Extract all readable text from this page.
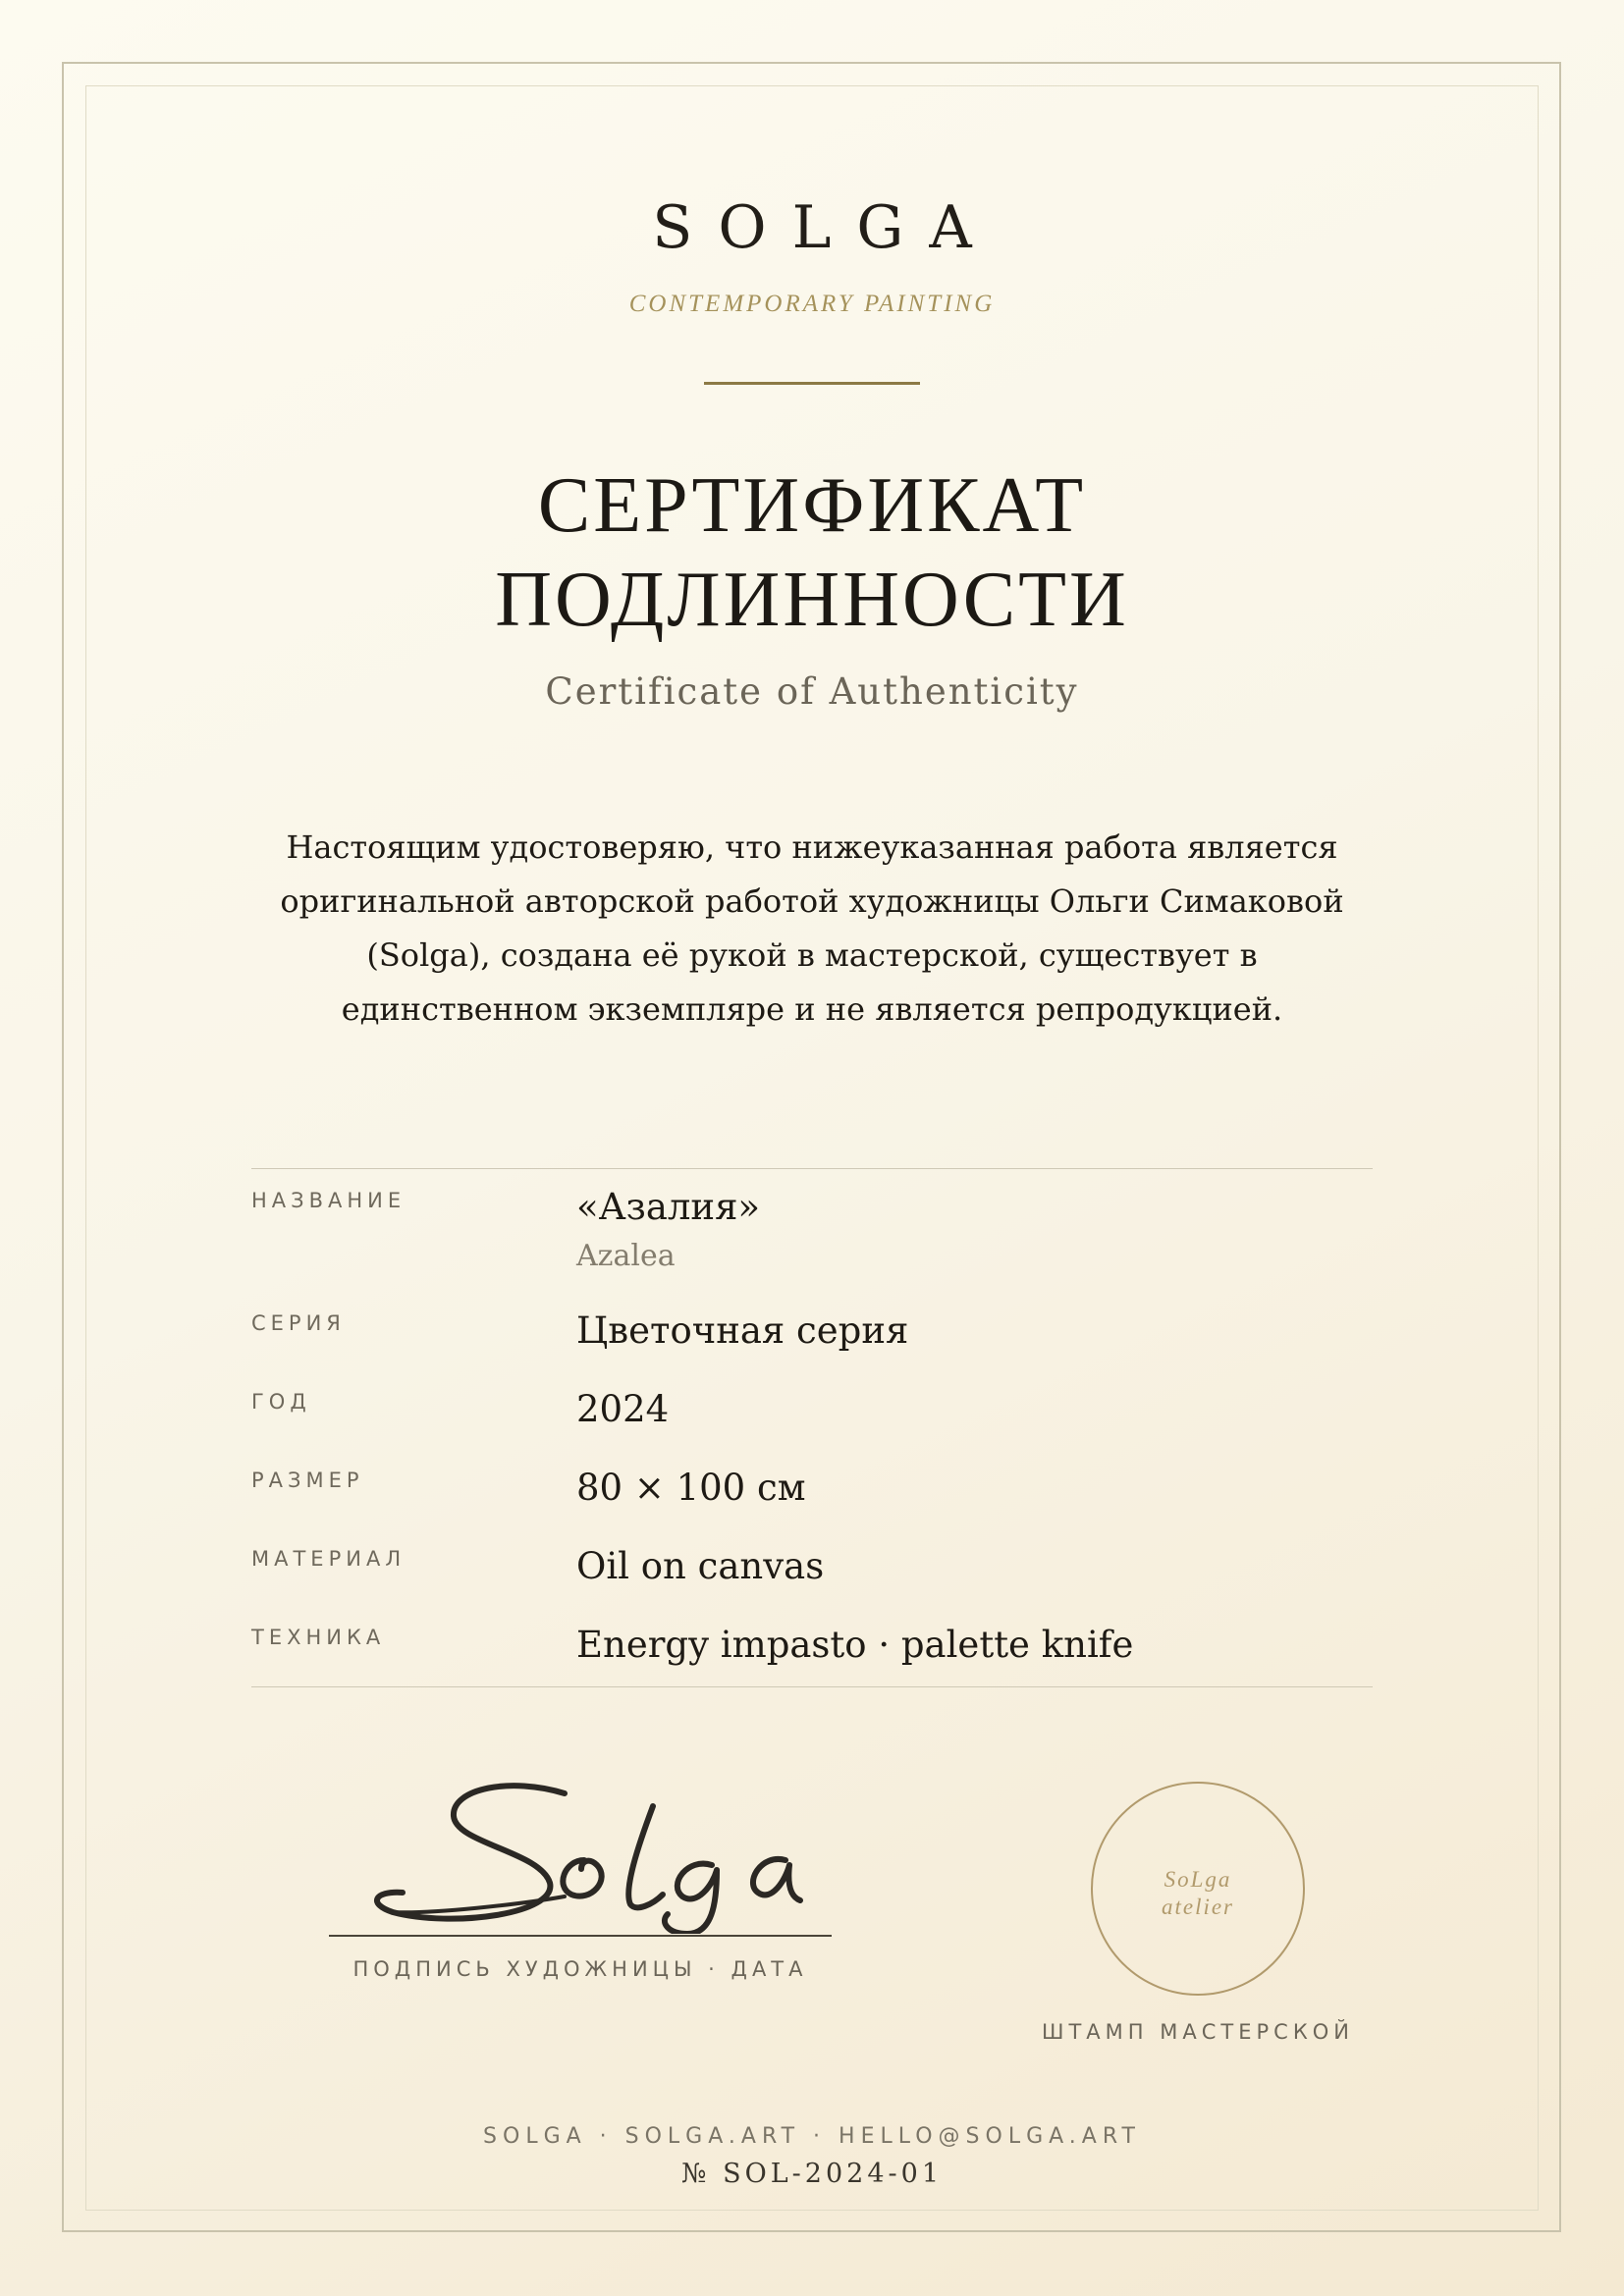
SOLGA

CONTEMPORARY PAINTING

СЕРТИФИКАТ
ПОДЛИННОСТИ

Certificate of Authenticity

Настоящим удостоверяю, что нижеуказанная работа является оригинальной авторской работой художницы Ольги Симаковой (Solga), создана её рукой в мастерской, существует в единственном экземпляре и не является репродукцией.

НАЗВАНИЕ	«Азалия»
Azalea
СЕРИЯ	Цветочная серия
ГОД	2024
РАЗМЕР	80 × 100 см
МАТЕРИАЛ	Oil on canvas
ТЕХНИКА	Energy impasto · palette knife
ПОДПИСЬ ХУДОЖНИЦЫ · ДАТА
SoLga
atelier
ШТАМП МАСТЕРСКОЙ

SOLGA · SOLGA.ART · HELLO@SOLGA.ART

№ SOL-2024-01
